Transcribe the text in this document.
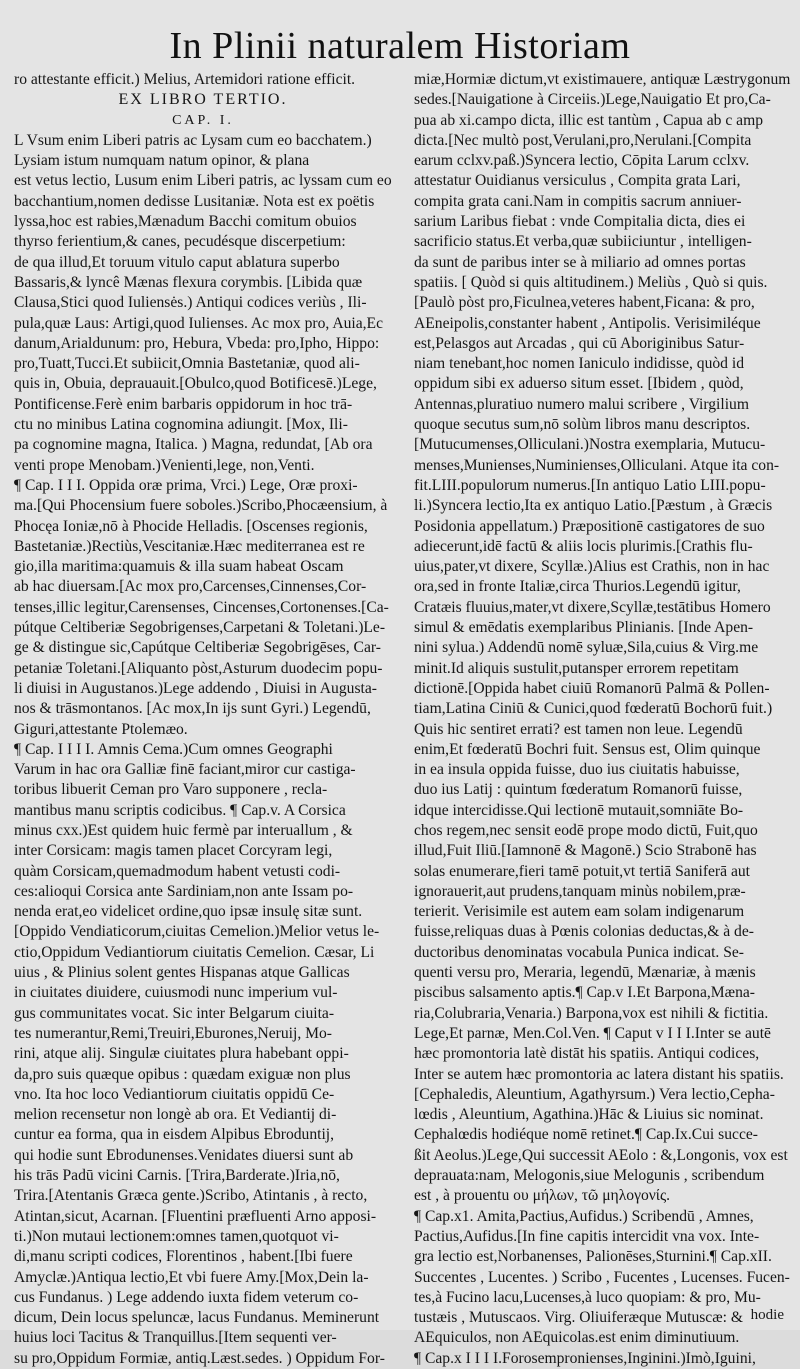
In Plinii naturalem Historiam
ro attestante efficit.) Melius, Artemidori ratione efficit.
EX LIBRO TERTIO.
CAP. I.
L Vsum enim Liberi patris ac Lysam cum eo bacchatem.)
Lysiam istum numquam natum opinor, & plana
est vetus lectio, Lusum enim Liberi patris, ac lyssam cum eo
bacchantium,nomen dedisse Lusitaniæ. Nota est ex poëtis
lyssa,hoc est rabies,Mænadum Bacchi comitum obuios
thyrso ferientium,& canes, pecudésque discerpetium:
de qua illud,Et toruum vitulo caput ablatura superbo
Bassaris,& lyncê Mænas flexura corymbis. [Libida quæ
Clausa,Stici quod Iuliensės.) Antiqui codices veriùs , Ili-
pula,quæ Laus: Artigi,quod Iulienses. Ac mox pro, Auia,Ec
danum,Arialdunum: pro, Hebura, Vbeda: pro,Ipho, Hippo:
pro,Tuatt,Tucci.Et subiicit,Omnia Bastetaniæ, quod ali-
quis in, Obuia, deprauauit.[Obulco,quod Botificesē.)Lege,
Pontificense.Ferè enim barbaris oppidorum in hoc trā-
ctu no minibus Latina cognomina adiungit. [Mox, Ili-
pa cognomine magna, Italica. ) Magna, redundat, [Ab ora
venti prope Menobam.)Venienti,lege, non,Venti.
¶ Cap. I I I. Oppida oræ prima, Vrci.) Lege, Oræ proxi-
ma.[Qui Phocensium fuere soboles.)Scribo,Phocæensium, à
Phocęa Ioniæ,nō à Phocide Helladis. [Oscenses regionis,
Bastetaniæ.)Rectiùs,Vescitaniæ.Hæc mediterranea est re
gio,illa maritima:quamuis & illa suam habeat Oscam
ab hac diuersam.[Ac mox pro,Carcenses,Cinnenses,Cor-
tenses,illic legitur,Carensenses, Cincenses,Cortonenses.[Ca-
pútque Celtiberiæ Segobrigenses,Carpetani & Toletani.)Le-
ge & distingue sic,Capútque Celtiberiæ Segobrigēses, Car-
petaniæ Toletani.[Aliquanto pòst,Asturum duodecim popu-
li diuisi in Augustanos.)Lege addendo , Diuisi in Augusta-
nos & trāsmontanos. [Ac mox,In ijs sunt Gyri.) Legendū,
Giguri,attestante Ptolemæo.
¶ Cap. I I I I. Amnis Cema.)Cum omnes Geographi
Varum in hac ora Galliæ finē faciant,miror cur castiga-
toribus libuerit Ceman pro Varo supponere , recla-
mantibus manu scriptis codicibus. ¶ Cap.v. A Corsica
minus cxx.)Est quidem huic fermè par interuallum , &
inter Corsicam: magis tamen placet Corcyram legi,
quàm Corsicam,quemadmodum habent vetusti codi-
ces:alioqui Corsica ante Sardiniam,non ante Issam po-
nenda erat,eo videlicet ordine,quo ipsæ insulę sitæ sunt.
[Oppido Vendiaticorum,ciuitas Cemelion.)Melior vetus le-
ctio,Oppidum Vediantiorum ciuitatis Cemelion. Cæsar, Li
uius , & Plinius solent gentes Hispanas atque Gallicas
in ciuitates diuidere, cuiusmodi nunc imperium vul-
gus communitates vocat. Sic inter Belgarum ciuita-
tes numerantur,Remi,Treuiri,Eburones,Neruij, Mo-
rini, atque alij. Singulæ ciuitates plura habebant oppi-
da,pro suis quæque opibus : quædam exiguæ non plus
vno. Ita hoc loco Vediantiorum ciuitatis oppidū Ce-
melion recensetur non longè ab ora. Et Vediantij di-
cuntur ea forma, qua in eisdem Alpibus Ebroduntij,
qui hodie sunt Ebrodunenses.Venidates diuersi sunt ab
his trās Padū vicini Carnis. [Trira,Barderate.)Iria,nō,
Trira.[Atentanis Græca gente.)Scribo, Atintanis , à recto,
Atintan,sicut, Acarnan. [Fluentini præfluenti Arno apposi-
ti.)Non mutaui lectionem:omnes tamen,quotquot vi-
di,manu scripti codices, Florentinos , habent.[Ibi fuere
Amyclæ.)Antiqua lectio,Et vbi fuere Amy.[Mox,Dein la-
cus Fundanus. ) Lege addendo iuxta fidem veterum co-
dicum, Dein locus speluncæ, lacus Fundanus. Meminerunt
huius loci Tacitus & Tranquillus.[Item sequenti ver-
su pro,Oppidum Formiæ, antiq.Læst.sedes. ) Oppidum For-
miæ,Hormiæ dictum,vt existimauere, antiquæ Læstrygonum
sedes.[Nauigatione à Circeiis.)Lege,Nauigatio Et pro,Ca-
pua ab xi.campo dicta, illic est tantùm , Capua ab c amp
dicta.[Nec multò post,Verulani,pro,Nerulani.[Compita
earum cclxv.paß.)Syncera lectio, Cōpita Larum cclxv.
attestatur Ouidianus versiculus , Compita grata Lari,
compita grata cani.Nam in compitis sacrum anniuer-
sarium Laribus fiebat : vnde Compitalia dicta, dies ei
sacrificio status.Et verba,quæ subiiciuntur , intelligen-
da sunt de paribus inter se à miliario ad omnes portas
spatiis. [ Quòd si quis altitudinem.) Meliùs , Quò si quis.
[Paulò pòst pro,Ficulnea,veteres habent,Ficana: & pro,
AEneipolis,constanter habent , Antipolis. Verisimiléque
est,Pelasgos aut Arcadas , qui cū Aboriginibus Satur-
niam tenebant,hoc nomen Ianiculo indidisse, quòd id
oppidum sibi ex aduerso situm esset. [Ibidem , quòd,
Antennas,pluratiuo numero malui scribere , Virgilium
quoque secutus sum,nō solùm libros manu descriptos.
[Mutucumenses,Olliculani.)Nostra exemplaria, Mutucu-
menses,Munienses,Numinienses,Olliculani. Atque ita con-
fit.LIII.populorum numerus.[In antiquo Latio LIII.popu-
li.)Syncera lectio,Ita ex antiquo Latio.[Pæstum , à Græcis
Posidonia appellatum.) Præpositionē castigatores de suo
adiecerunt,idē factū & aliis locis plurimis.[Crathis flu-
uius,pater,vt dixere, Scyllæ.)Alius est Crathis, non in hac
ora,sed in fronte Italiæ,circa Thurios.Legendū igitur,
Cratæis fluuius,mater,vt dixere,Scyllæ,testātibus Homero
simul & emēdatis exemplaribus Plinianis. [Inde Apen-
nini sylua.) Addendū nomē syluæ,Sila,cuius & Virg.me
minit.Id aliquis sustulit,putansper errorem repetitam
dictionē.[Oppida habet ciuiū Romanorū Palmā & Pollen-
tiam,Latina Ciniū & Cunici,quod fœderatū Bochorū fuit.)
Quis hic sentiret errati? est tamen non leue. Legendū
enim,Et fœderatū Bochri fuit. Sensus est, Olim quinque
in ea insula oppida fuisse, duo ius ciuitatis habuisse,
duo ius Latij : quintum fœderatum Romanorū fuisse,
idque intercidisse.Qui lectionē mutauit,somniāte Bo-
chos regem,nec sensit eodē prope modo dictū, Fuit,quo
illud,Fuit Iliū.[Iamnonē & Magonē.) Scio Strabonē has
solas enumerare,fieri tamē potuit,vt tertiā Saniferā aut
ignorauerit,aut prudens,tanquam minùs nobilem,præ-
terierit. Verisimile est autem eam solam indigenarum
fuisse,reliquas duas à Pœnis colonias deductas,& à de-
ductoribus denominatas vocabula Punica indicat. Se-
quenti versu pro, Meraria, legendū, Mænariæ, à mænis
piscibus salsamento aptis.¶ Cap.v I.Et Barpona,Mæna-
ria,Colubraria,Venaria.) Barpona,vox est nihili & fictitia.
Lege,Et parnæ, Men.Col.Ven. ¶ Caput v I I I.Inter se autē
hæc promontoria latè distāt his spatiis. Antiqui codices,
Inter se autem hæc promontoria ac latera distant his spatiis.
[Cephaledis, Aleuntium, Agathyrsum.) Vera lectio,Cepha-
lœdis , Aleuntium, Agathina.)Hāc & Liuius sic nominat.
Cephalœdis hodiéque nomē retinet.¶ Cap.Ix.Cui succe-
ßit Aeolus.)Lege,Qui successit AEolo : &,Longonis, vox est
deprauata:nam, Melogonis,siue Melogunis , scribendum
est , à prouentu ου μήλων, τῶ μηλογονίς.
¶ Cap.x1. Amita,Pactius,Aufidus.) Scribendū , Amnes,
Pactius,Aufidus.[In fine capitis intercidit vna vox. Inte-
gra lectio est,Norbanenses, Palionēses,Sturnini.¶ Cap.xII.
Succentes , Lucentes. ) Scribo , Fucentes , Lucenses. Fucen-
tes,à Fucino lacu,Lucenses,à luco quopiam: & pro, Mu-
tustæis , Mutuscaos. Virg. Oliuiferæque Mutuscæ: &
AEquiculos, non AEquicolas.est enim diminutiuum.
¶ Cap.x I I I I.Forosempronienses,Inginini.)Imò,Iguini,
hodie
